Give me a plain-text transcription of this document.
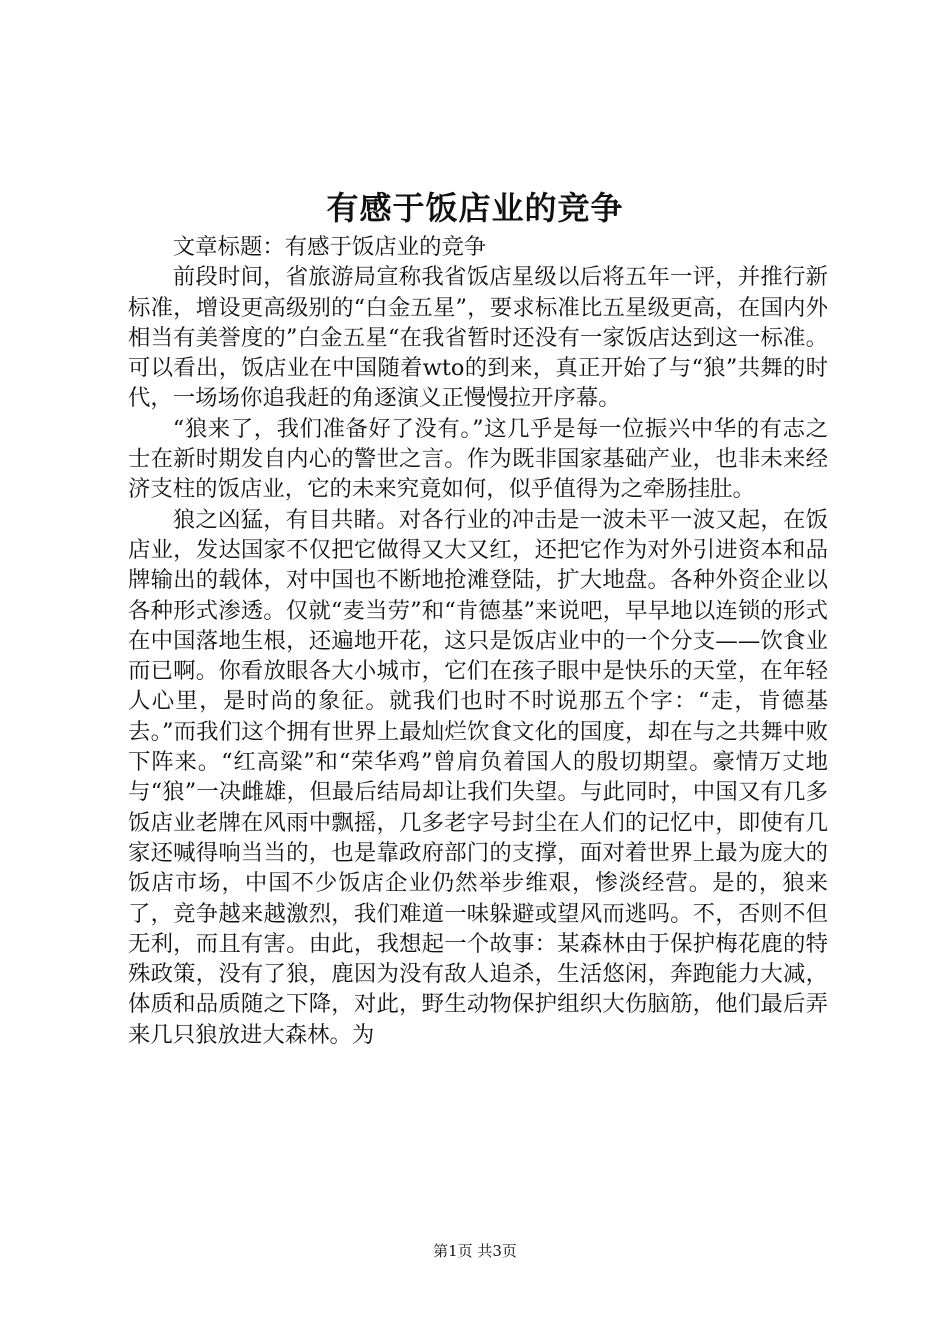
有感于饭店业的竞争

文章标题：有感于饭店业的竞争

前段时间，省旅游局宣称我省饭店星级以后将五年一评，并推行新标准，增设更高级别的“白金五星”，要求标准比五星级更高，在国内外相当有美誉度的”白金五星“在我省暂时还没有一家饭店达到这一标准。可以看出，饭店业在中国随着wto的到来，真正开始了与“狼”共舞的时代，一场场你追我赶的角逐演义正慢慢拉开序幕。

“狼来了，我们准备好了没有。”这几乎是每一位振兴中华的有志之士在新时期发自内心的警世之言。作为既非国家基础产业，也非未来经济支柱的饭店业，它的未来究竟如何，似乎值得为之牵肠挂肚。

狼之凶猛，有目共睹。对各行业的冲击是一波未平一波又起，在饭店业，发达国家不仅把它做得又大又红，还把它作为对外引进资本和品牌输出的载体，对中国也不断地抢滩登陆，扩大地盘。各种外资企业以各种形式渗透。仅就“麦当劳”和“肯德基”来说吧，早早地以连锁的形式在中国落地生根，还遍地开花，这只是饭店业中的一个分支——饮食业而已啊。你看放眼各大小城市，它们在孩子眼中是快乐的天堂，在年轻人心里，是时尚的象征。就我们也时不时说那五个字：“走，肯德基去。”而我们这个拥有世界上最灿烂饮食文化的国度，却在与之共舞中败下阵来。“红高粱”和“荣华鸡”曾肩负着国人的殷切期望。豪情万丈地与“狼”一决雌雄，但最后结局却让我们失望。与此同时，中国又有几多饭店业老牌在风雨中飘摇，几多老字号封尘在人们的记忆中，即使有几家还喊得响当当的，也是靠政府部门的支撑，面对着世界上最为庞大的饭店市场，中国不少饭店企业仍然举步维艰，惨淡经营。是的，狼来了，竞争越来越激烈，我们难道一味躲避或望风而逃吗。不，否则不但无利，而且有害。由此，我想起一个故事：某森林由于保护梅花鹿的特殊政策，没有了狼，鹿因为没有敌人追杀，生活悠闲，奔跑能力大减，体质和品质随之下降，对此，野生动物保护组织大伤脑筋，他们最后弄来几只狼放进大森林。为

第1页 共3页
